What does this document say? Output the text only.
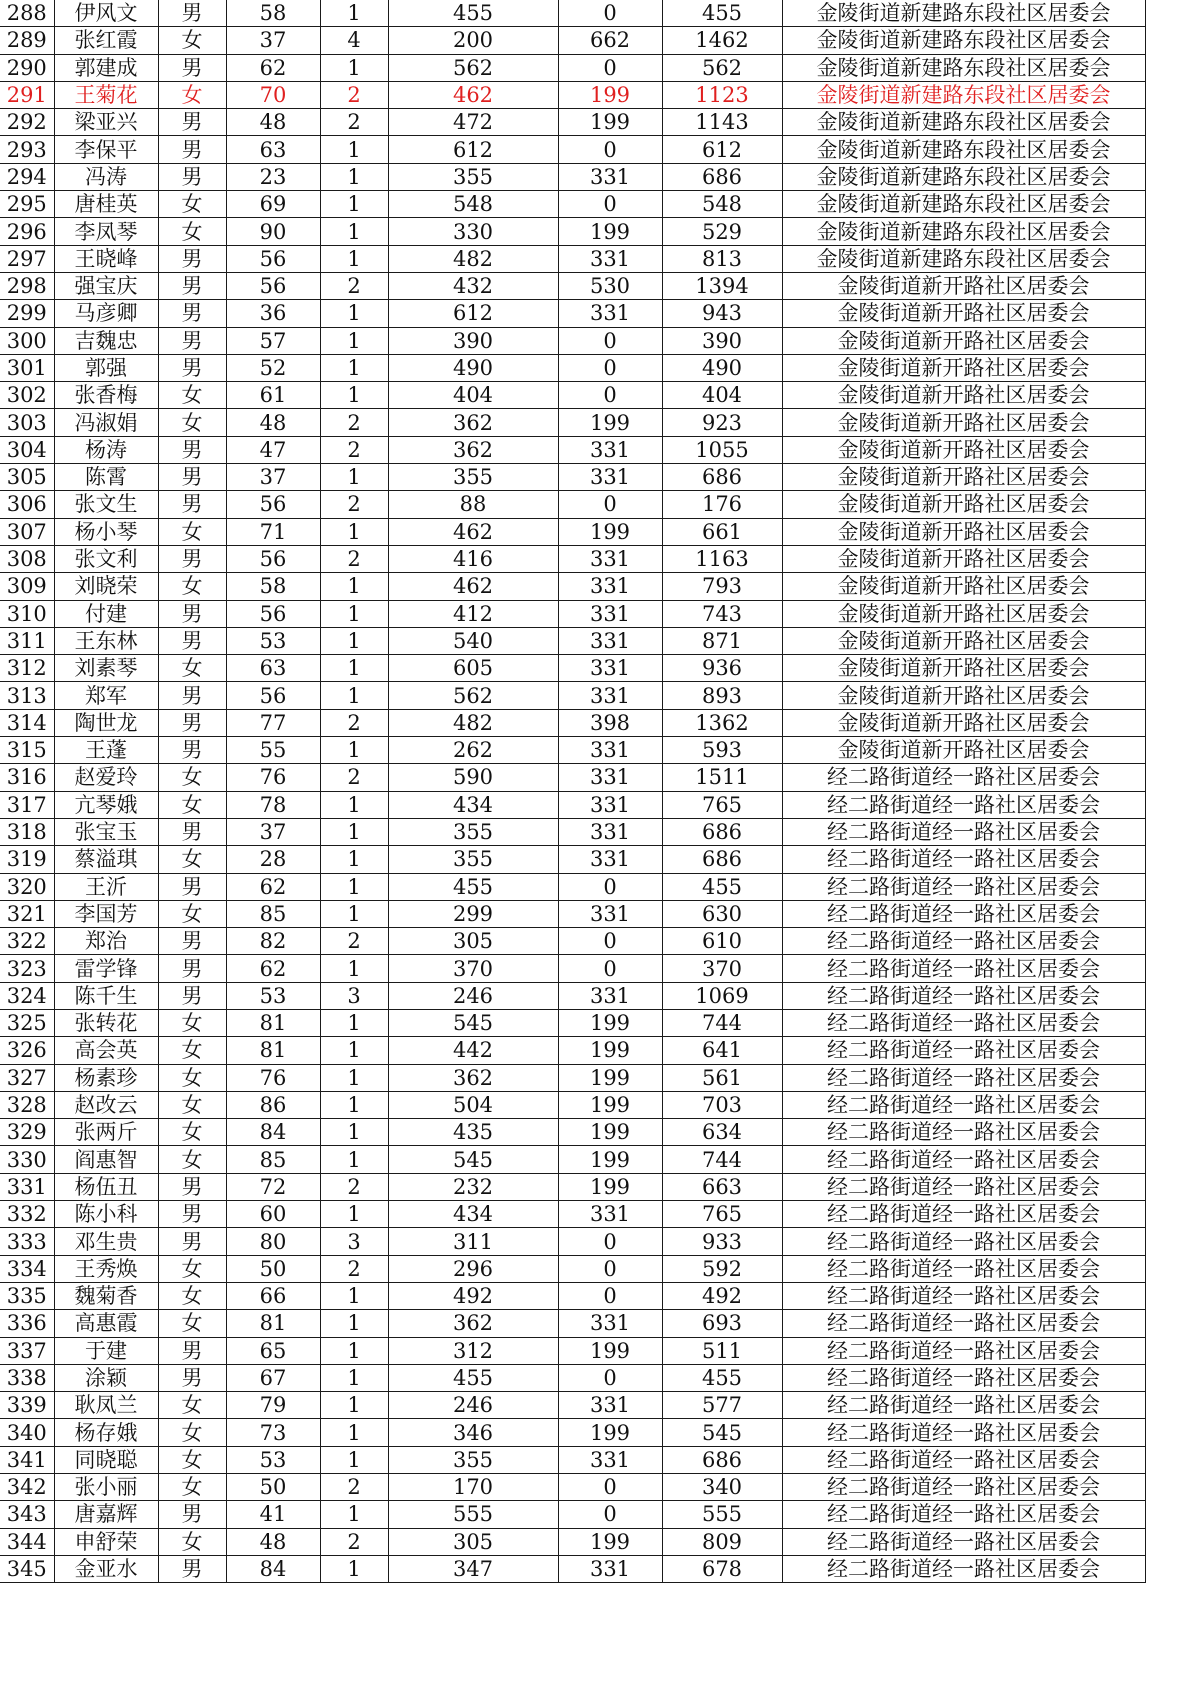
288	伊风文	男	58	1	455	0	455	金陵街道新建路东段社区居委会
289	张红霞	女	37	4	200	662	1462	金陵街道新建路东段社区居委会
290	郭建成	男	62	1	562	0	562	金陵街道新建路东段社区居委会
291	王菊花	女	70	2	462	199	1123	金陵街道新建路东段社区居委会
292	梁亚兴	男	48	2	472	199	1143	金陵街道新建路东段社区居委会
293	李保平	男	63	1	612	0	612	金陵街道新建路东段社区居委会
294	冯涛	男	23	1	355	331	686	金陵街道新建路东段社区居委会
295	唐桂英	女	69	1	548	0	548	金陵街道新建路东段社区居委会
296	李凤琴	女	90	1	330	199	529	金陵街道新建路东段社区居委会
297	王晓峰	男	56	1	482	331	813	金陵街道新建路东段社区居委会
298	强宝庆	男	56	2	432	530	1394	金陵街道新开路社区居委会
299	马彦卿	男	36	1	612	331	943	金陵街道新开路社区居委会
300	吉魏忠	男	57	1	390	0	390	金陵街道新开路社区居委会
301	郭强	男	52	1	490	0	490	金陵街道新开路社区居委会
302	张香梅	女	61	1	404	0	404	金陵街道新开路社区居委会
303	冯淑娟	女	48	2	362	199	923	金陵街道新开路社区居委会
304	杨涛	男	47	2	362	331	1055	金陵街道新开路社区居委会
305	陈霄	男	37	1	355	331	686	金陵街道新开路社区居委会
306	张文生	男	56	2	88	0	176	金陵街道新开路社区居委会
307	杨小琴	女	71	1	462	199	661	金陵街道新开路社区居委会
308	张文利	男	56	2	416	331	1163	金陵街道新开路社区居委会
309	刘晓荣	女	58	1	462	331	793	金陵街道新开路社区居委会
310	付建	男	56	1	412	331	743	金陵街道新开路社区居委会
311	王东林	男	53	1	540	331	871	金陵街道新开路社区居委会
312	刘素琴	女	63	1	605	331	936	金陵街道新开路社区居委会
313	郑军	男	56	1	562	331	893	金陵街道新开路社区居委会
314	陶世龙	男	77	2	482	398	1362	金陵街道新开路社区居委会
315	王蓬	男	55	1	262	331	593	金陵街道新开路社区居委会
316	赵爱玲	女	76	2	590	331	1511	经二路街道经一路社区居委会
317	亢琴娥	女	78	1	434	331	765	经二路街道经一路社区居委会
318	张宝玉	男	37	1	355	331	686	经二路街道经一路社区居委会
319	蔡溢琪	女	28	1	355	331	686	经二路街道经一路社区居委会
320	王沂	男	62	1	455	0	455	经二路街道经一路社区居委会
321	李国芳	女	85	1	299	331	630	经二路街道经一路社区居委会
322	郑治	男	82	2	305	0	610	经二路街道经一路社区居委会
323	雷学锋	男	62	1	370	0	370	经二路街道经一路社区居委会
324	陈千生	男	53	3	246	331	1069	经二路街道经一路社区居委会
325	张转花	女	81	1	545	199	744	经二路街道经一路社区居委会
326	高会英	女	81	1	442	199	641	经二路街道经一路社区居委会
327	杨素珍	女	76	1	362	199	561	经二路街道经一路社区居委会
328	赵改云	女	86	1	504	199	703	经二路街道经一路社区居委会
329	张两斤	女	84	1	435	199	634	经二路街道经一路社区居委会
330	阎惠智	女	85	1	545	199	744	经二路街道经一路社区居委会
331	杨伍丑	男	72	2	232	199	663	经二路街道经一路社区居委会
332	陈小科	男	60	1	434	331	765	经二路街道经一路社区居委会
333	邓生贵	男	80	3	311	0	933	经二路街道经一路社区居委会
334	王秀焕	女	50	2	296	0	592	经二路街道经一路社区居委会
335	魏菊香	女	66	1	492	0	492	经二路街道经一路社区居委会
336	高惠霞	女	81	1	362	331	693	经二路街道经一路社区居委会
337	于建	男	65	1	312	199	511	经二路街道经一路社区居委会
338	涂颖	男	67	1	455	0	455	经二路街道经一路社区居委会
339	耿凤兰	女	79	1	246	331	577	经二路街道经一路社区居委会
340	杨存娥	女	73	1	346	199	545	经二路街道经一路社区居委会
341	同晓聪	女	53	1	355	331	686	经二路街道经一路社区居委会
342	张小丽	女	50	2	170	0	340	经二路街道经一路社区居委会
343	唐嘉辉	男	41	1	555	0	555	经二路街道经一路社区居委会
344	申舒荣	女	48	2	305	199	809	经二路街道经一路社区居委会
345	金亚水	男	84	1	347	331	678	经二路街道经一路社区居委会
